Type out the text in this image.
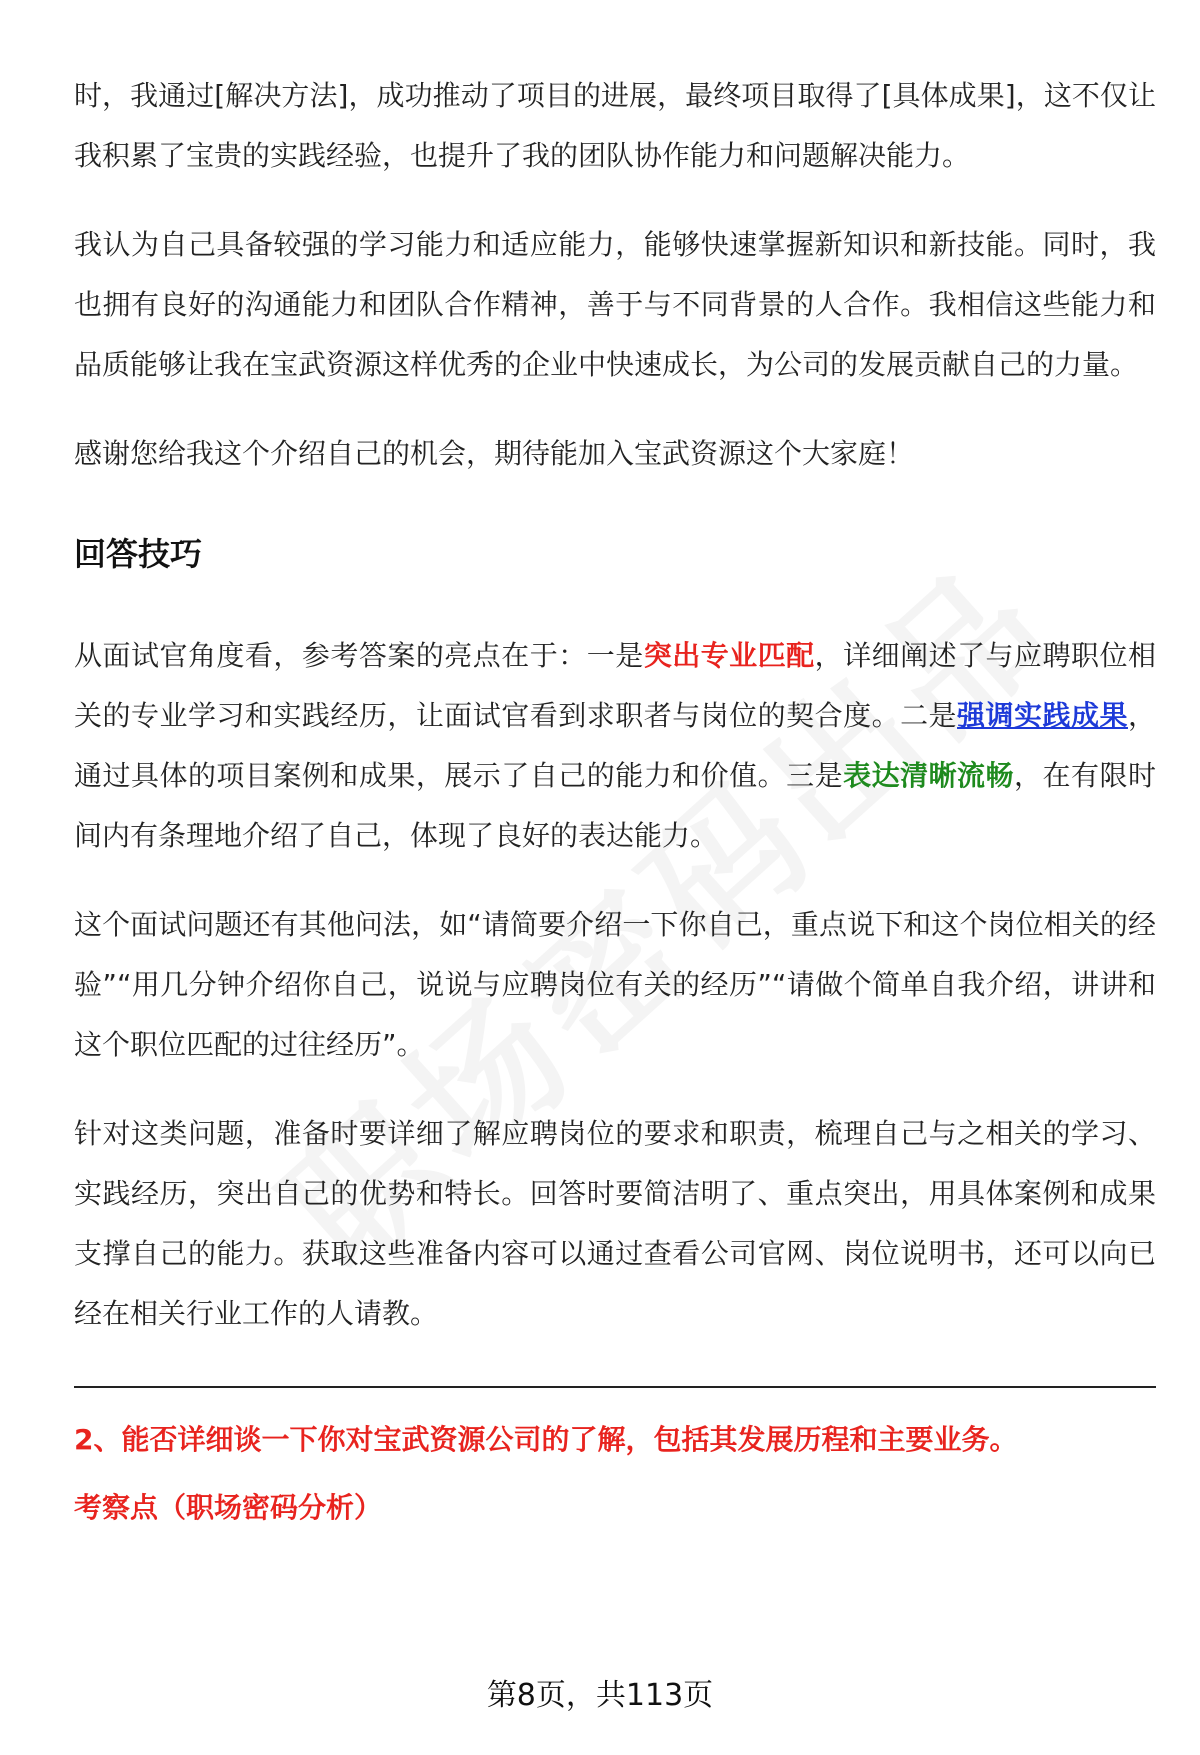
时，我通过[解决方法]，成功推动了项目的进展，最终项目取得了[具体成果]，这不仅让我积累了宝贵的实践经验，也提升了我的团队协作能力和问题解决能力。

我认为自己具备较强的学习能力和适应能力，能够快速掌握新知识和新技能。同时，我也拥有良好的沟通能力和团队合作精神，善于与不同背景的人合作。我相信这些能力和品质能够让我在宝武资源这样优秀的企业中快速成长，为公司的发展贡献自己的力量。

感谢您给我这个介绍自己的机会，期待能加入宝武资源这个大家庭！

回答技巧

从面试官角度看，参考答案的亮点在于：一是突出专业匹配，详细阐述了与应聘职位相关的专业学习和实践经历，让面试官看到求职者与岗位的契合度。二是强调实践成果，通过具体的项目案例和成果，展示了自己的能力和价值。三是表达清晰流畅，在有限时间内有条理地介绍了自己，体现了良好的表达能力。

这个面试问题还有其他问法，如“请简要介绍一下你自己，重点说下和这个岗位相关的经验”“用几分钟介绍你自己，说说与应聘岗位有关的经历”“请做个简单自我介绍，讲讲和这个职位匹配的过往经历”。

针对这类问题，准备时要详细了解应聘岗位的要求和职责，梳理自己与之相关的学习、实践经历，突出自己的优势和特长。回答时要简洁明了、重点突出，用具体案例和成果支撑自己的能力。获取这些准备内容可以通过查看公司官网、岗位说明书，还可以向已经在相关行业工作的人请教。

2、能否详细谈一下你对宝武资源公司的了解，包括其发展历程和主要业务。
考察点（职场密码分析）
第8页，共113页
